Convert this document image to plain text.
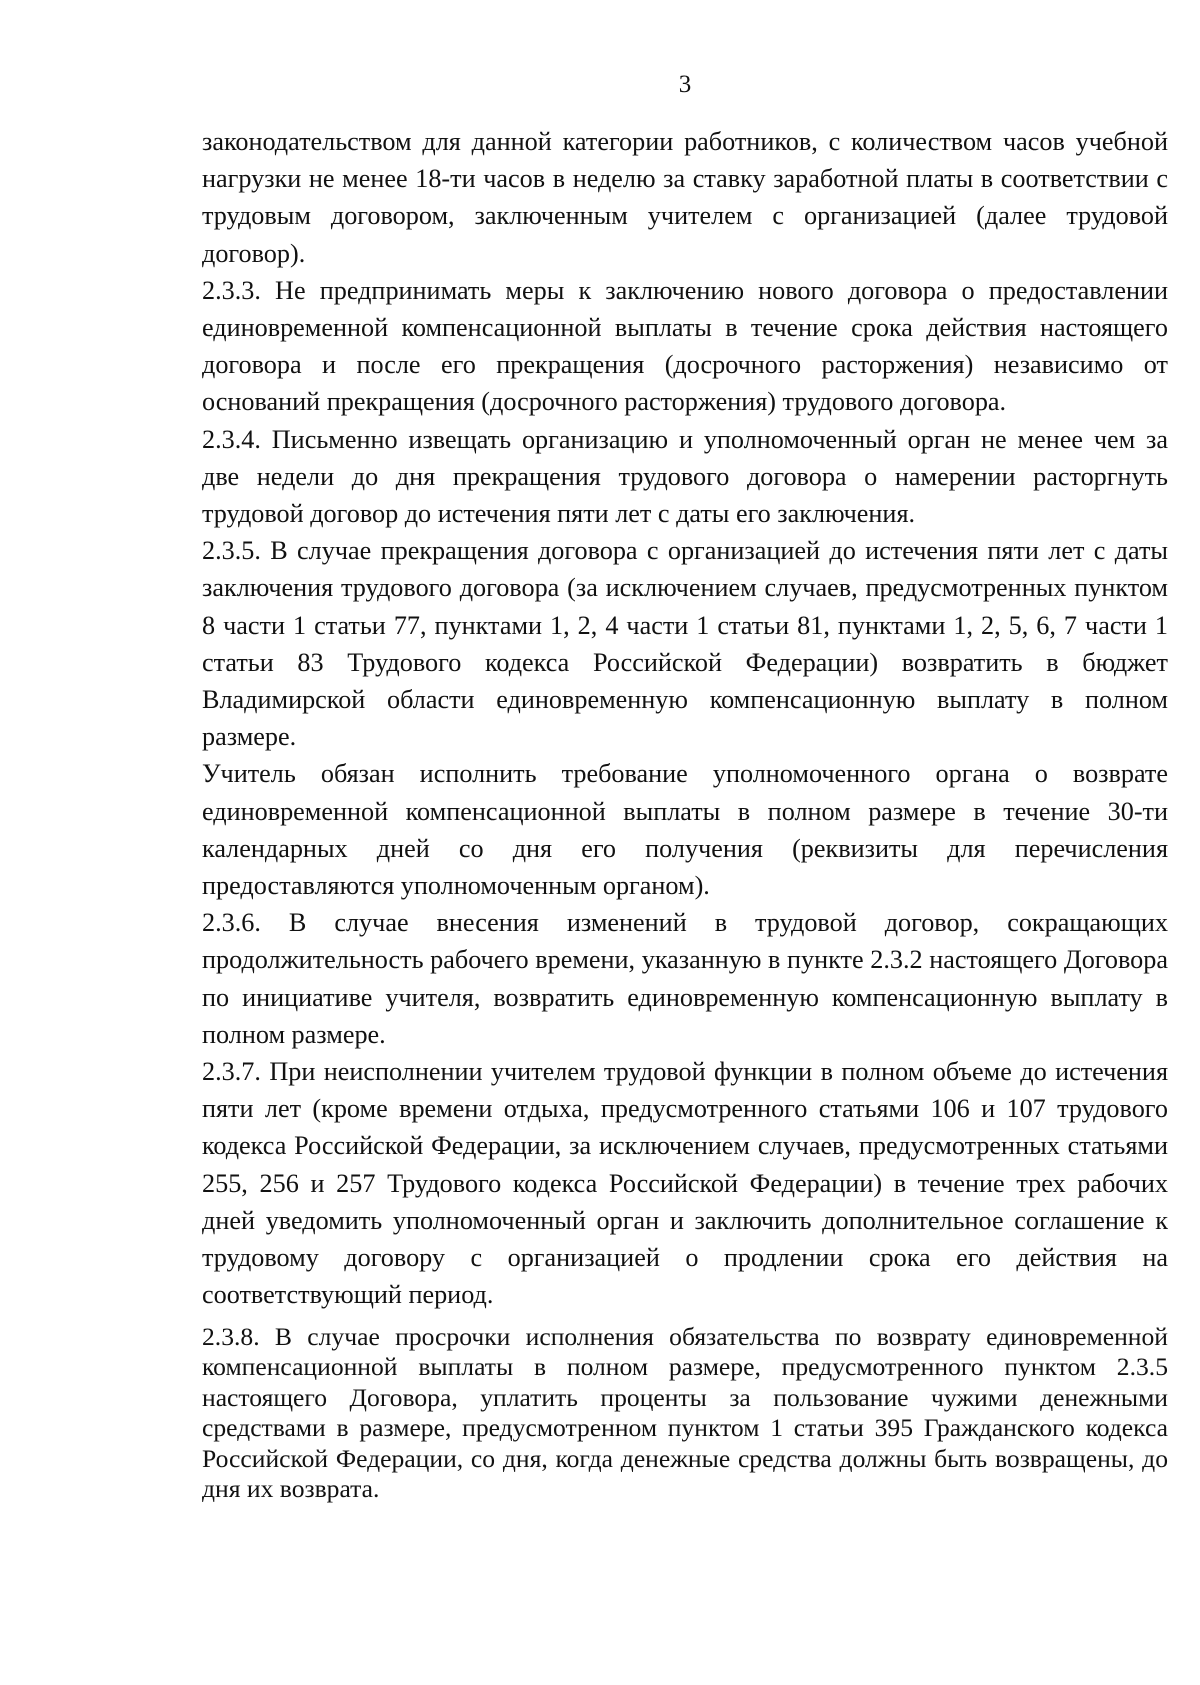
3

законодательством для данной категории работников, с количеством часов учебной нагрузки не менее 18-ти часов в неделю за ставку заработной платы в соответствии с трудовым договором, заключенным учителем с организацией (далее трудовой договор).

2.3.3. Не предпринимать меры к заключению нового договора о предоставлении единовременной компенсационной выплаты в течение срока действия настоящего договора и после его прекращения (досрочного расторжения) независимо от оснований прекращения (досрочного расторжения) трудового договора.

2.3.4. Письменно извещать организацию и уполномоченный орган не менее чем за две недели до дня прекращения трудового договора о намерении расторгнуть трудовой договор до истечения пяти лет с даты его заключения.

2.3.5. В случае прекращения договора с организацией до истечения пяти лет с даты заключения трудового договора (за исключением случаев, предусмотренных пунктом 8 части 1 статьи 77, пунктами 1, 2, 4 части 1 статьи 81, пунктами 1, 2, 5, 6, 7 части 1 статьи 83 Трудового кодекса Российской Федерации) возвратить в бюджет Владимирской области единовременную компенсационную выплату в полном размере.

Учитель обязан исполнить требование уполномоченного органа о возврате единовременной компенсационной выплаты в полном размере в течение 30-ти календарных дней со дня его получения (реквизиты для перечисления предоставляются уполномоченным органом).

2.3.6. В случае внесения изменений в трудовой договор, сокращающих продолжительность рабочего времени, указанную в пункте 2.3.2 настоящего Договора по инициативе учителя, возвратить единовременную компенсационную выплату в полном размере.

2.3.7. При неисполнении учителем трудовой функции в полном объеме до истечения пяти лет (кроме времени отдыха, предусмотренного статьями 106 и 107 трудового кодекса Российской Федерации, за исключением случаев, предусмотренных статьями 255, 256 и 257 Трудового кодекса Российской Федерации) в течение трех рабочих дней уведомить уполномоченный орган и заключить дополнительное соглашение к трудовому договору с организацией о продлении срока его действия на соответствующий период.

2.3.8. В случае просрочки исполнения обязательства по возврату единовременной компенсационной выплаты в полном размере, предусмотренного пунктом 2.3.5 настоящего Договора, уплатить проценты за пользование чужими денежными средствами в размере, предусмотренном пунктом 1 статьи 395 Гражданского кодекса Российской Федерации, со дня, когда денежные средства должны быть возвращены, до дня их возврата.
